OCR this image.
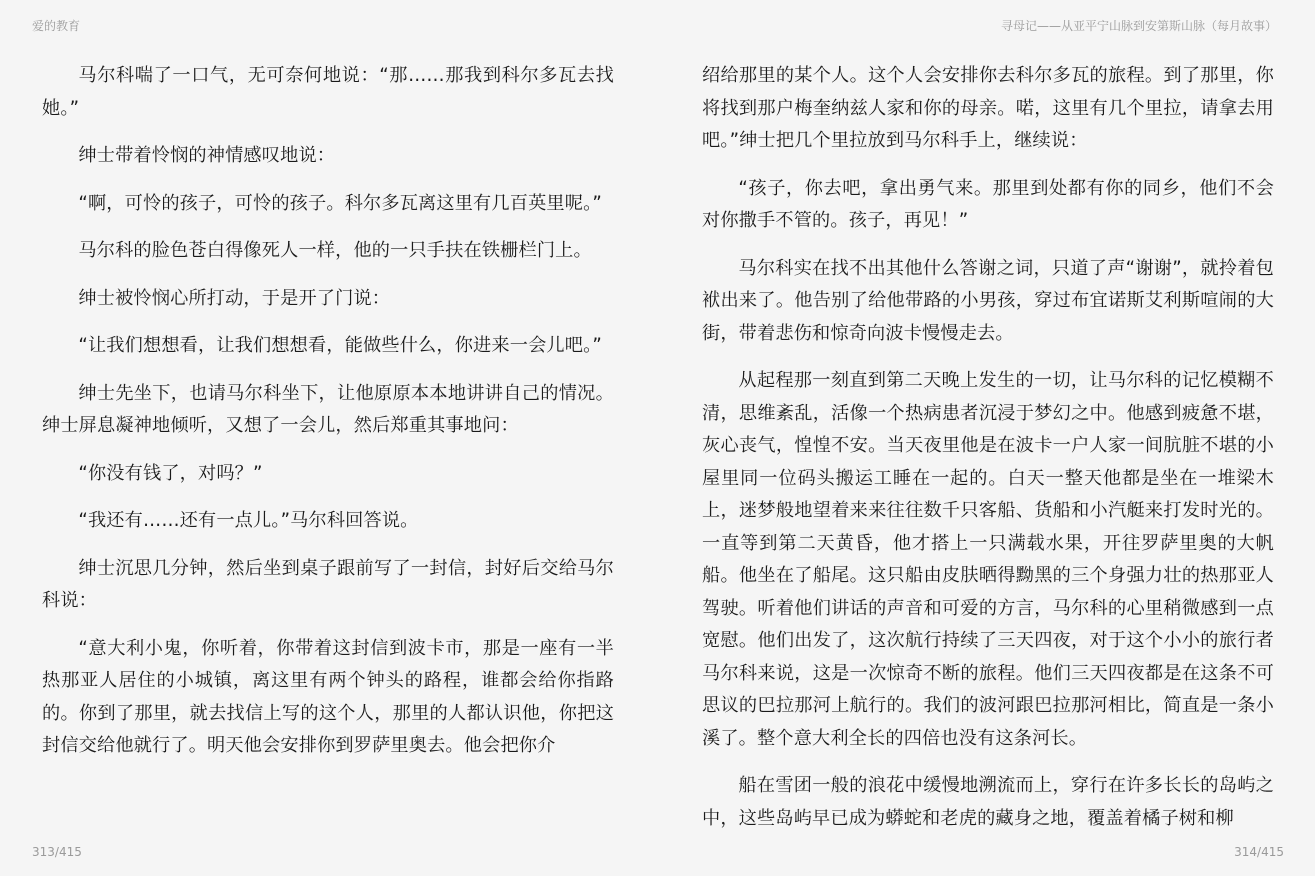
爱的教育	寻母记——从亚平宁山脉到安第斯山脉（每月故事）

马尔科喘了一口气，无可奈何地说：“那……那我到科尔多瓦去找她。”

绅士带着怜悯的神情感叹地说：

“啊，可怜的孩子，可怜的孩子。科尔多瓦离这里有几百英里呢。”

马尔科的脸色苍白得像死人一样，他的一只手扶在铁栅栏门上。

绅士被怜悯心所打动，于是开了门说：

“让我们想想看，让我们想想看，能做些什么，你进来一会儿吧。”

绅士先坐下，也请马尔科坐下，让他原原本本地讲讲自己的情况。绅士屏息凝神地倾听，又想了一会儿，然后郑重其事地问：

“你没有钱了，对吗？”

“我还有……还有一点儿。”马尔科回答说。

绅士沉思几分钟，然后坐到桌子跟前写了一封信，封好后交给马尔科说：

“意大利小鬼，你听着，你带着这封信到波卡市，那是一座有一半热那亚人居住的小城镇，离这里有两个钟头的路程，谁都会给你指路的。你到了那里，就去找信上写的这个人，那里的人都认识他，你把这封信交给他就行了。明天他会安排你到罗萨里奥去。他会把你介

绍给那里的某个人。这个人会安排你去科尔多瓦的旅程。到了那里，你将找到那户梅奎纳兹人家和你的母亲。喏，这里有几个里拉，请拿去用吧。”绅士把几个里拉放到马尔科手上，继续说：

“孩子，你去吧，拿出勇气来。那里到处都有你的同乡，他们不会对你撒手不管的。孩子，再见！”

马尔科实在找不出其他什么答谢之词，只道了声“谢谢”，就拎着包袱出来了。他告别了给他带路的小男孩，穿过布宜诺斯艾利斯喧闹的大街，带着悲伤和惊奇向波卡慢慢走去。

从起程那一刻直到第二天晚上发生的一切，让马尔科的记忆模糊不清，思维紊乱，活像一个热病患者沉浸于梦幻之中。他感到疲惫不堪，灰心丧气，惶惶不安。当天夜里他是在波卡一户人家一间肮脏不堪的小屋里同一位码头搬运工睡在一起的。白天一整天他都是坐在一堆梁木上，迷梦般地望着来来往往数千只客船、货船和小汽艇来打发时光的。一直等到第二天黄昏，他才搭上一只满载水果，开往罗萨里奥的大帆船。他坐在了船尾。这只船由皮肤晒得黝黑的三个身强力壮的热那亚人驾驶。听着他们讲话的声音和可爱的方言，马尔科的心里稍微感到一点宽慰。他们出发了，这次航行持续了三天四夜，对于这个小小的旅行者马尔科来说，这是一次惊奇不断的旅程。他们三天四夜都是在这条不可思议的巴拉那河上航行的。我们的波河跟巴拉那河相比，简直是一条小溪了。整个意大利全长的四倍也没有这条河长。

船在雪团一般的浪花中缓慢地溯流而上，穿行在许多长长的岛屿之中，这些岛屿早已成为蟒蛇和老虎的藏身之地，覆盖着橘子树和柳

313/415	314/415
